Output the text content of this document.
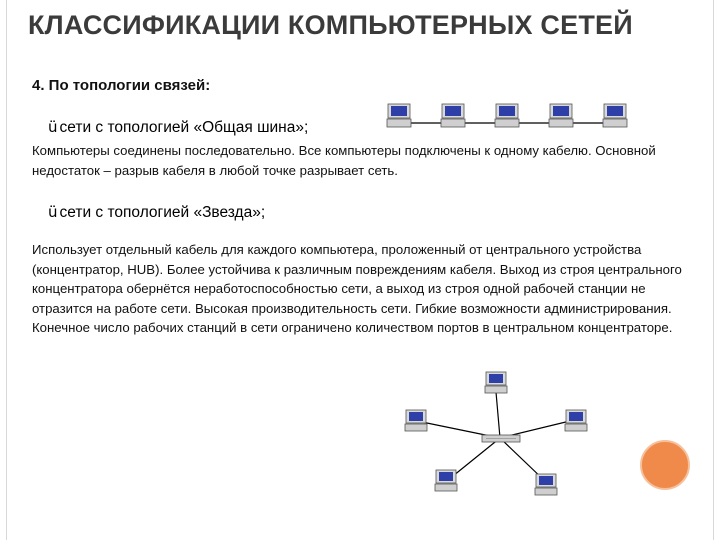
КЛАССИФИКАЦИИ КОМПЬЮТЕРНЫХ СЕТЕЙ
4. По топологии связей:
ü сети с топологией «Общая шина»;
Компьютеры соединены последовательно. Все компьютеры подключены к одному кабелю. Основной недостаток – разрыв кабеля в любой точке разрывает сеть.
ü сети с топологией «Звезда»;
Использует отдельный кабель для каждого компьютера, проложенный от центрального устройства (концентратор, HUB). Более устойчива к различным повреждениям кабеля. Выход из строя центрального концентратора обернётся неработоспособностью сети, а выход из строя одной рабочей станции не отразится на работе сети. Высокая производительность сети. Гибкие возможности администрирования. Конечное число рабочих станций в сети ограничено количеством портов в центральном концентраторе.
